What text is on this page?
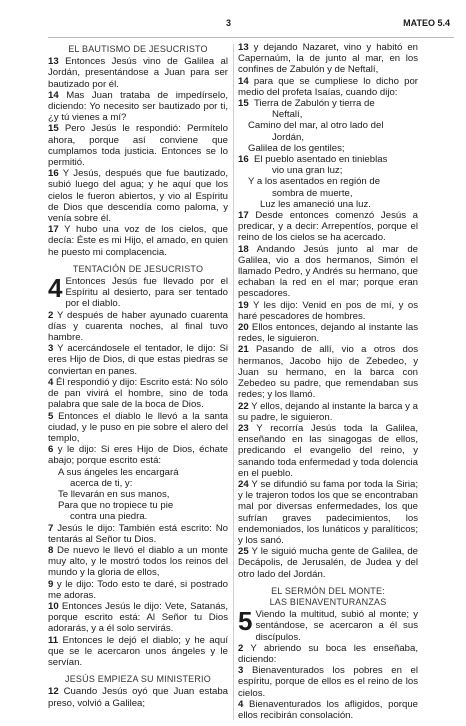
3	MATEO 5.4
EL BAUTISMO DE JESUCRISTO

13 Entonces Jesús vino de Galilea al Jordán, presentándose a Juan para ser bautizado por él.

14 Mas Juan trataba de impedírselo, diciendo: Yo necesito ser bautizado por ti, ¿y tú vienes a mí?

15 Pero Jesús le respondió: Permítelo ahora, porque así conviene que cumplamos toda justicia. Entonces se lo permitió.

16 Y Jesús, después que fue bautizado, subió luego del agua; y he aquí que los cielos le fueron abiertos, y vio al Espíritu de Dios que descendía como paloma, y venía sobre él.

17 Y hubo una voz de los cielos, que decía: Éste es mi Hijo, el amado, en quien he puesto mi complacencia.

TENTACIÓN DE JESUCRISTO

4 Entonces Jesús fue llevado por el Espíritu al desierto, para ser tentado por el diablo.

2 Y después de haber ayunado cuarenta días y cuarenta noches, al final tuvo hambre.

3 Y acercándosele el tentador, le dijo: Si eres Hijo de Dios, di que estas piedras se conviertan en panes.

4 Él respondió y dijo: Escrito está: No sólo de pan vivirá el hombre, sino de toda palabra que sale de la boca de Dios.

5 Entonces el diablo le llevó a la santa ciudad, y le puso en pie sobre el alero del templo,

6 y le dijo: Si eres Hijo de Dios, échate abajo; porque escrito está:

A sus ángeles les encargará
acerca de ti, y:
Te llevarán en sus manos,
Para que no tropiece tu pie
contra una piedra.

7 Jesús le dijo: También está escrito: No tentarás al Señor tu Dios.

8 De nuevo le llevó el diablo a un monte muy alto, y le mostró todos los reinos del mundo y la gloria de ellos,

9 y le dijo: Todo esto te daré, si postrado me adoras.

10 Entonces Jesús le dijo: Vete, Satanás, porque escrito está: Al Señor tu Dios adorarás, y a él solo servirás.

11 Entonces le dejó el diablo; y he aquí que se le acercaron unos ángeles y le servían.

JESÚS EMPIEZA SU MINISTERIO

12 Cuando Jesús oyó que Juan estaba preso, volvió a Galilea;

13 y dejando Nazaret, vino y habitó en Capernaúm, la de junto al mar, en los confines de Zabulón y de Neftalí,

14 para que se cumpliese lo dicho por medio del profeta Isaías, cuando dijo:

15 Tierra de Zabulón y tierra de
Neftalí,
Camino del mar, al otro lado del
Jordán,
Galilea de los gentiles;
16 El pueblo asentado en tinieblas
vio una gran luz;
Y a los asentados en región de
sombra de muerte,
Luz les amaneció una luz.

17 Desde entonces comenzó Jesús a predicar, y a decir: Arrepentíos, porque el reino de los cielos se ha acercado.

18 Andando Jesús junto al mar de Galilea, vio a dos hermanos, Simón el llamado Pedro, y Andrés su hermano, que echaban la red en el mar; porque eran pescadores.

19 Y les dijo: Venid en pos de mí, y os haré pescadores de hombres.

20 Ellos entonces, dejando al instante las redes, le siguieron.

21 Pasando de allí, vio a otros dos hermanos, Jacobo hijo de Zebedeo, y Juan su hermano, en la barca con Zebedeo su padre, que remendaban sus redes; y los llamó.

22 Y ellos, dejando al instante la barca y a su padre, le siguieron.

23 Y recorría Jesús toda la Galilea, enseñando en las sinagogas de ellos, predicando el evangelio del reino, y sanando toda enfermedad y toda dolencia en el pueblo.

24 Y se difundió su fama por toda la Siria; y le trajeron todos los que se encontraban mal por diversas enfermedades, los que sufrían graves padecimientos, los endemoniados, los lunáticos y paralíticos; y los sanó.

25 Y le siguió mucha gente de Galilea, de Decápolis, de Jerusalén, de Judea y del otro lado del Jordán.

EL SERMÓN DEL MONTE:
LAS BIENAVENTURANZAS

5 Viendo la multitud, subió al monte; y sentándose, se acercaron a él sus discípulos.

2 Y abriendo su boca les enseñaba, diciendo:

3 Bienaventurados los pobres en el espíritu, porque de ellos es el reino de los cielos.

4 Bienaventurados los afligidos, porque ellos recibirán consolación.
